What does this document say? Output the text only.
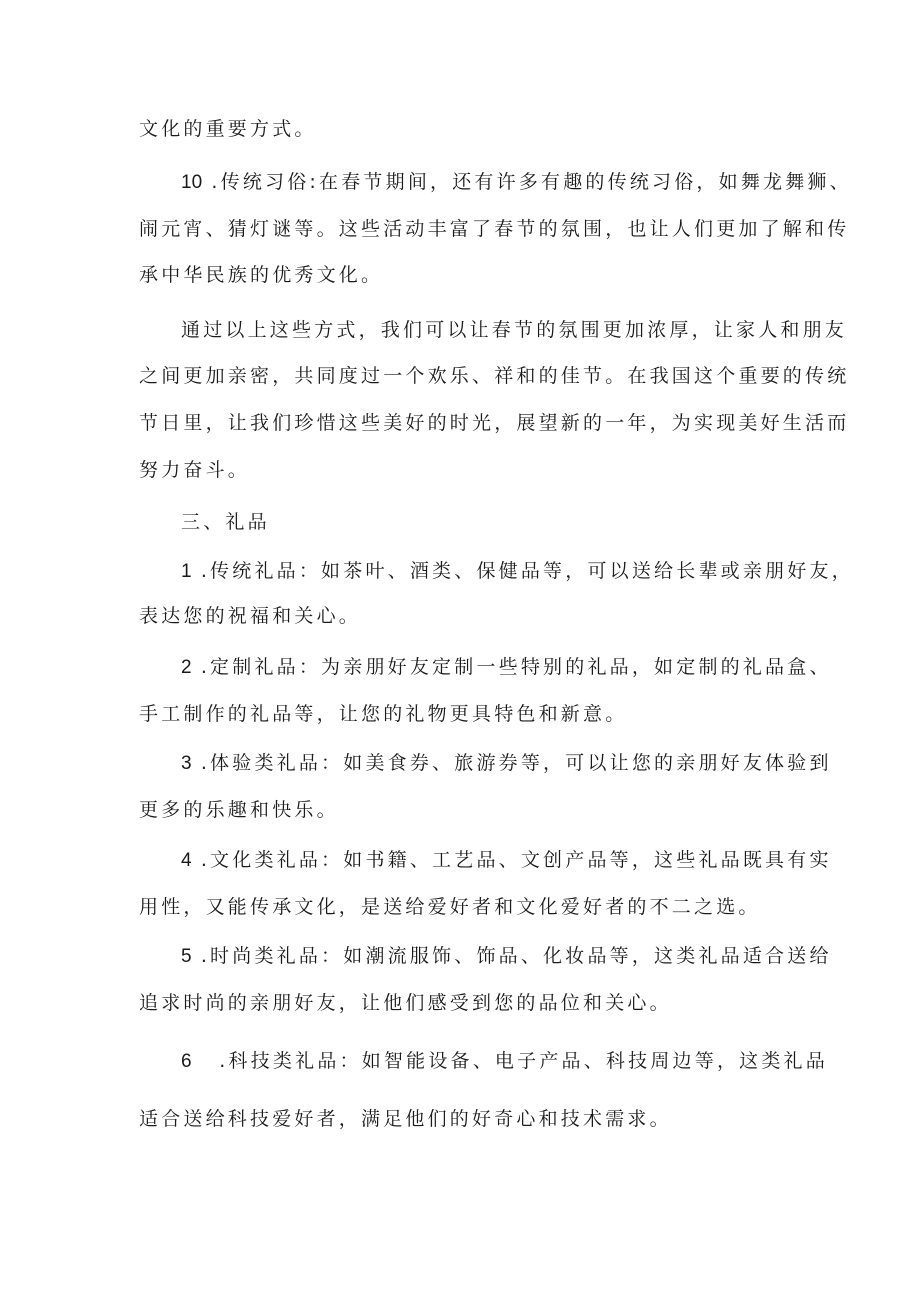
文化的重要方式。
10 .传统习俗:在春节期间，还有许多有趣的传统习俗，如舞龙舞狮、
闹元宵、猜灯谜等。这些活动丰富了春节的氛围，也让人们更加了解和传
承中华民族的优秀文化。
通过以上这些方式，我们可以让春节的氛围更加浓厚，让家人和朋友
之间更加亲密，共同度过一个欢乐、祥和的佳节。在我国这个重要的传统
节日里，让我们珍惜这些美好的时光，展望新的一年，为实现美好生活而
努力奋斗。
三、礼品
1 .传统礼品：如茶叶、酒类、保健品等，可以送给长辈或亲朋好友，
表达您的祝福和关心。
2 .定制礼品：为亲朋好友定制一些特别的礼品，如定制的礼品盒、
手工制作的礼品等，让您的礼物更具特色和新意。
3 .体验类礼品：如美食券、旅游券等，可以让您的亲朋好友体验到
更多的乐趣和快乐。
4 .文化类礼品：如书籍、工艺品、文创产品等，这些礼品既具有实
用性，又能传承文化，是送给爱好者和文化爱好者的不二之选。
5 .时尚类礼品：如潮流服饰、饰品、化妆品等，这类礼品适合送给
追求时尚的亲朋好友，让他们感受到您的品位和关心。
6   .科技类礼品：如智能设备、电子产品、科技周边等，这类礼品
适合送给科技爱好者，满足他们的好奇心和技术需求。
